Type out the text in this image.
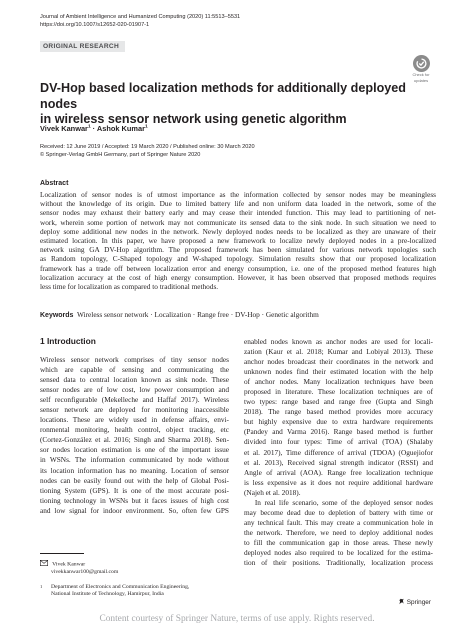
Journal of Ambient Intelligence and Humanized Computing (2020) 11:5513–5531
https://doi.org/10.1007/s12652-020-01907-1
ORIGINAL RESEARCH
Check for
updates
DV-Hop based localization methods for additionally deployed nodes
in wireless sensor network using genetic algorithm
Vivek Kanwar$^1$ · Ashok Kumar$^1$
Received: 12 June 2019 / Accepted: 19 March 2020 / Published online: 30 March 2020
© Springer-Verlag GmbH Germany, part of Springer Nature 2020
Abstract
Localization of sensor nodes is of utmost importance as the information collected by sensor nodes may be meaningless
without the knowledge of its origin. Due to limited battery life and non uniform data loaded in the network, some of the
sensor nodes may exhaust their battery early and may cease their intended function. This may lead to partitioning of net-
work, wherein some portion of network may not communicate its sensed data to the sink node. In such situation we need to
deploy some additional new nodes in the network. Newly deployed nodes needs to be localized as they are unaware of their
estimated location. In this paper, we have proposed a new framework to localize newly deployed nodes in a pre-localized
network using GA DV-Hop algorithm. The proposed framework has been simulated for various network topologies such
as Random topology, C-Shaped topology and W-shaped topology. Simulation results show that our proposed localization
framework has a trade off between localization error and energy consumption, i.e. one of the proposed method features high
localization accuracy at the cost of high energy consumption. However, it has been observed that proposed methods requires
less time for localization as compared to traditional methods.
Keywords Wireless sensor network · Localization · Range free · DV-Hop · Genetic algorithm
1 Introduction
Wireless sensor network comprises of tiny sensor nodes
which are capable of sensing and communicating the
sensed data to central location known as sink node. These
sensor nodes are of low cost, low power consumption and
self reconfigurable (Mekelleche and Haffaf 2017). Wireless
sensor network are deployed for monitoring inaccessible
locations. These are widely used in defense affairs, envi-
ronmental monitoring, health control, object tracking, etc
(Cortez-González et al. 2016; Singh and Sharma 2018). Sen-
sor nodes location estimation is one of the important issue
in WSNs. The information communicated by node without
its location information has no meaning. Location of sensor
nodes can be easily found out with the help of Global Posi-
tioning System (GPS). It is one of the most accurate posi-
tioning technology in WSNs but it faces issues of high cost
and low signal for indoor environment. So, often few GPS
enabled nodes known as anchor nodes are used for locali-
zation (Kaur et al. 2018; Kumar and Lobiyal 2013). These
anchor nodes broadcast their coordinates in the network and
unknown nodes find their estimated location with the help
of anchor nodes. Many localization techniques have been
proposed in literature. These localization techniques are of
two types: range based and range free (Gupta and Singh
2018). The range based method provides more accuracy
but highly expensive due to extra hardware requirements
(Pandey and Varma 2016). Range based method is further
divided into four types: Time of arrival (TOA) (Shalaby
et al. 2017), Time difference of arrival (TDOA) (Oguejiofor
et al. 2013), Received signal strength indicator (RSSI) and
Angle of arrival (AOA). Range free localization technique
is less expensive as it does not require additional hardware
(Najeh et al. 2018).
In real life scenario, some of the deployed sensor nodes
may become dead due to depletion of battery with time or
any technical fault. This may create a communication hole in
the network. Therefore, we need to deploy additional nodes
to fill the communication gap in those areas. These newly
deployed nodes also required to be localized for the estima-
tion of their positions. Traditionally, localization process
Vivek Kanwar
vivekkanwar100@gmail.com
1	Department of Electronics and Communication Engineering,
National Institute of Technology, Hamirpur, India
Springer
Content courtesy of Springer Nature, terms of use apply. Rights reserved.
